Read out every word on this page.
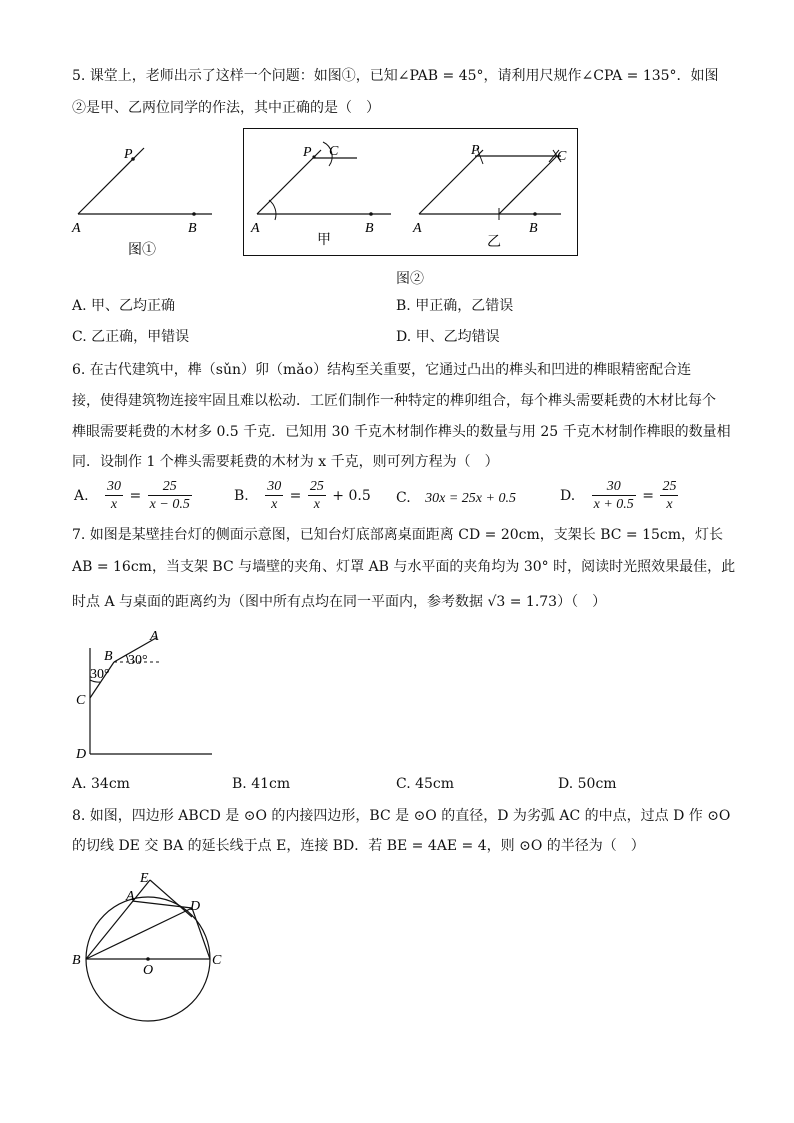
5. 课堂上，老师出示了这样一个问题：如图①，已知∠PAB = 45°，请利用尺规作∠CPA = 135°．如图
②是甲、乙两位同学的作法，其中正确的是（　）
P
A	B
图①
P C
A	B
甲
P	C
A	B
乙
图②
A. 甲、乙均正确	B. 甲正确，乙错误
C. 乙正确，甲错误	D. 甲、乙均错误
6. 在古代建筑中，榫（sǔn）卯（mǎo）结构至关重要，它通过凸出的榫头和凹进的榫眼精密配合连
接，使得建筑物连接牢固且难以松动．工匠们制作一种特定的榫卯组合，每个榫头需要耗费的木材比每个
榫眼需要耗费的木材多 0.5 千克．已知用 30 千克木材制作榫头的数量与用 25 千克木材制作榫眼的数量相
同．设制作 1 个榫头需要耗费的木材为 x 千克，则可列方程为（　）
A. $\frac{30}{x} = \frac{25}{x - 0.5}$	B. $\frac{30}{x} = \frac{25}{x} + 0.5$ C. 30x = 25x + 0.5	D. $\frac{30}{x + 0.5} = \frac{25}{x}$
7. 如图是某壁挂台灯的侧面示意图，已知台灯底部离桌面距离 CD = 20cm，支架长 BC = 15cm，灯长
AB = 16cm，当支架 BC 与墙壁的夹角、灯罩 AB 与水平面的夹角均为 30° 时，阅读时光照效果最佳，此
时点 A 与桌面的距离约为（图中所有点均在同一平面内，参考数据 √3 = 1.73）（　）
A
B
C
D
30°
30°
A. 34cm	B. 41cm	C. 45cm	D. 50cm
8. 如图，四边形 ABCD 是 ⊙O 的内接四边形，BC 是 ⊙O 的直径，D 为劣弧 AC 的中点，过点 D 作 ⊙O
的切线 DE 交 BA 的延长线于点 E，连接 BD．若 BE = 4AE = 4，则 ⊙O 的半径为（　）
E
A
D
B	C
O
